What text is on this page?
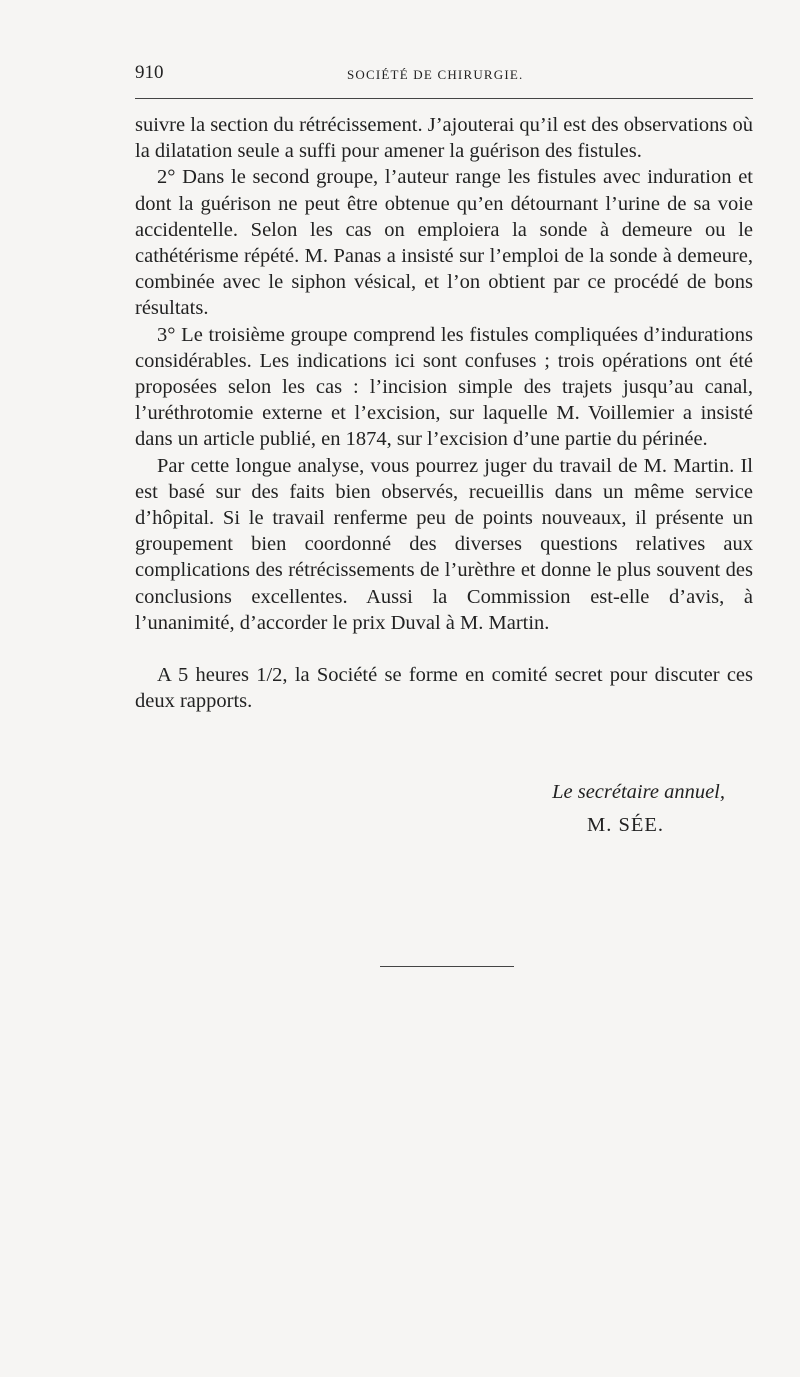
910	SOCIÉTÉ DE CHIRURGIE.

suivre la section du rétrécissement. J’ajouterai qu’il est des observations où la dilatation seule a suffi pour amener la guérison des fistules.

2° Dans le second groupe, l’auteur range les fistules avec induration et dont la guérison ne peut être obtenue qu’en détournant l’urine de sa voie accidentelle. Selon les cas on emploiera la sonde à demeure ou le cathétérisme répété. M. Panas a insisté sur l’emploi de la sonde à demeure, combinée avec le siphon vésical, et l’on obtient par ce procédé de bons résultats.

3° Le troisième groupe comprend les fistules compliquées d’indurations considérables. Les indications ici sont confuses ; trois opérations ont été proposées selon les cas : l’incision simple des trajets jusqu’au canal, l’uréthrotomie externe et l’excision, sur laquelle M. Voillemier a insisté dans un article publié, en 1874, sur l’excision d’une partie du périnée.

Par cette longue analyse, vous pourrez juger du travail de M. Martin. Il est basé sur des faits bien observés, recueillis dans un même service d’hôpital. Si le travail renferme peu de points nouveaux, il présente un groupement bien coordonné des diverses questions relatives aux complications des rétrécissements de l’urèthre et donne le plus souvent des conclusions excellentes. Aussi la Commission est-elle d’avis, à l’unanimité, d’accorder le prix Duval à M. Martin.

A 5 heures 1/2, la Société se forme en comité secret pour discuter ces deux rapports.

Le secrétaire annuel,
M. SÉE.
